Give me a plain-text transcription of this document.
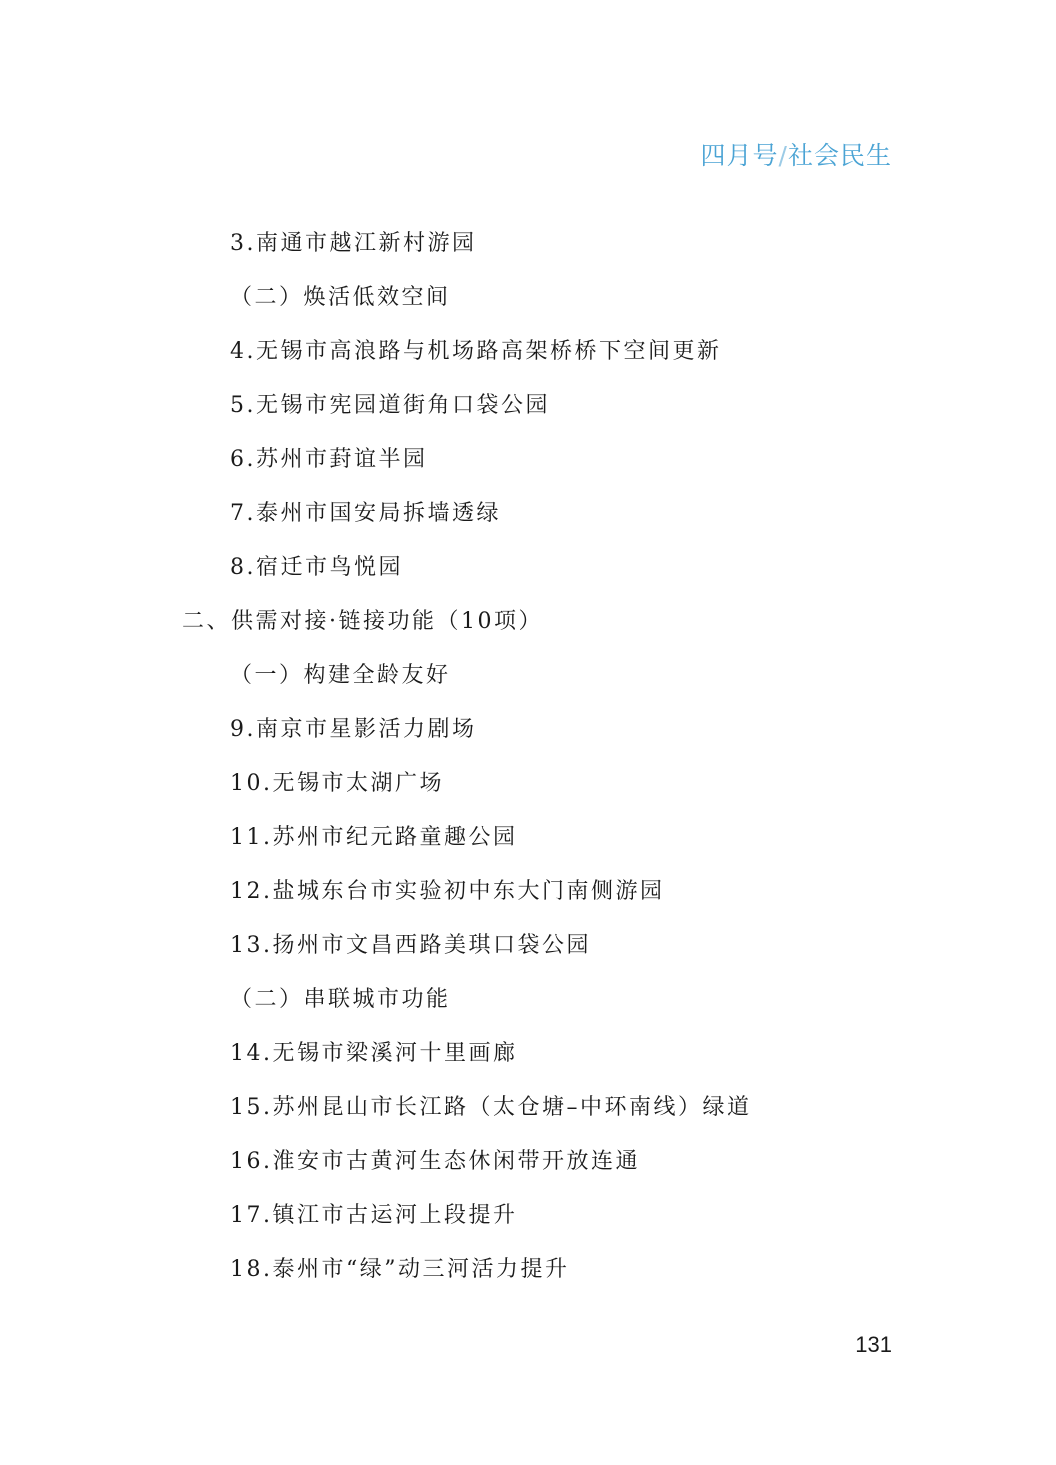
四月号/社会民生
3.南通市越江新村游园
（二）焕活低效空间
4.无锡市高浪路与机场路高架桥桥下空间更新
5.无锡市宪园道街角口袋公园
6.苏州市葑谊半园
7.泰州市国安局拆墙透绿
8.宿迁市鸟悦园
二、供需对接·链接功能（10项）
（一）构建全龄友好
9.南京市星影活力剧场
10.无锡市太湖广场
11.苏州市纪元路童趣公园
12.盐城东台市实验初中东大门南侧游园
13.扬州市文昌西路美琪口袋公园
（二）串联城市功能
14.无锡市梁溪河十里画廊
15.苏州昆山市长江路（太仓塘–中环南线）绿道
16.淮安市古黄河生态休闲带开放连通
17.镇江市古运河上段提升
18.泰州市“绿”动三河活力提升
131
